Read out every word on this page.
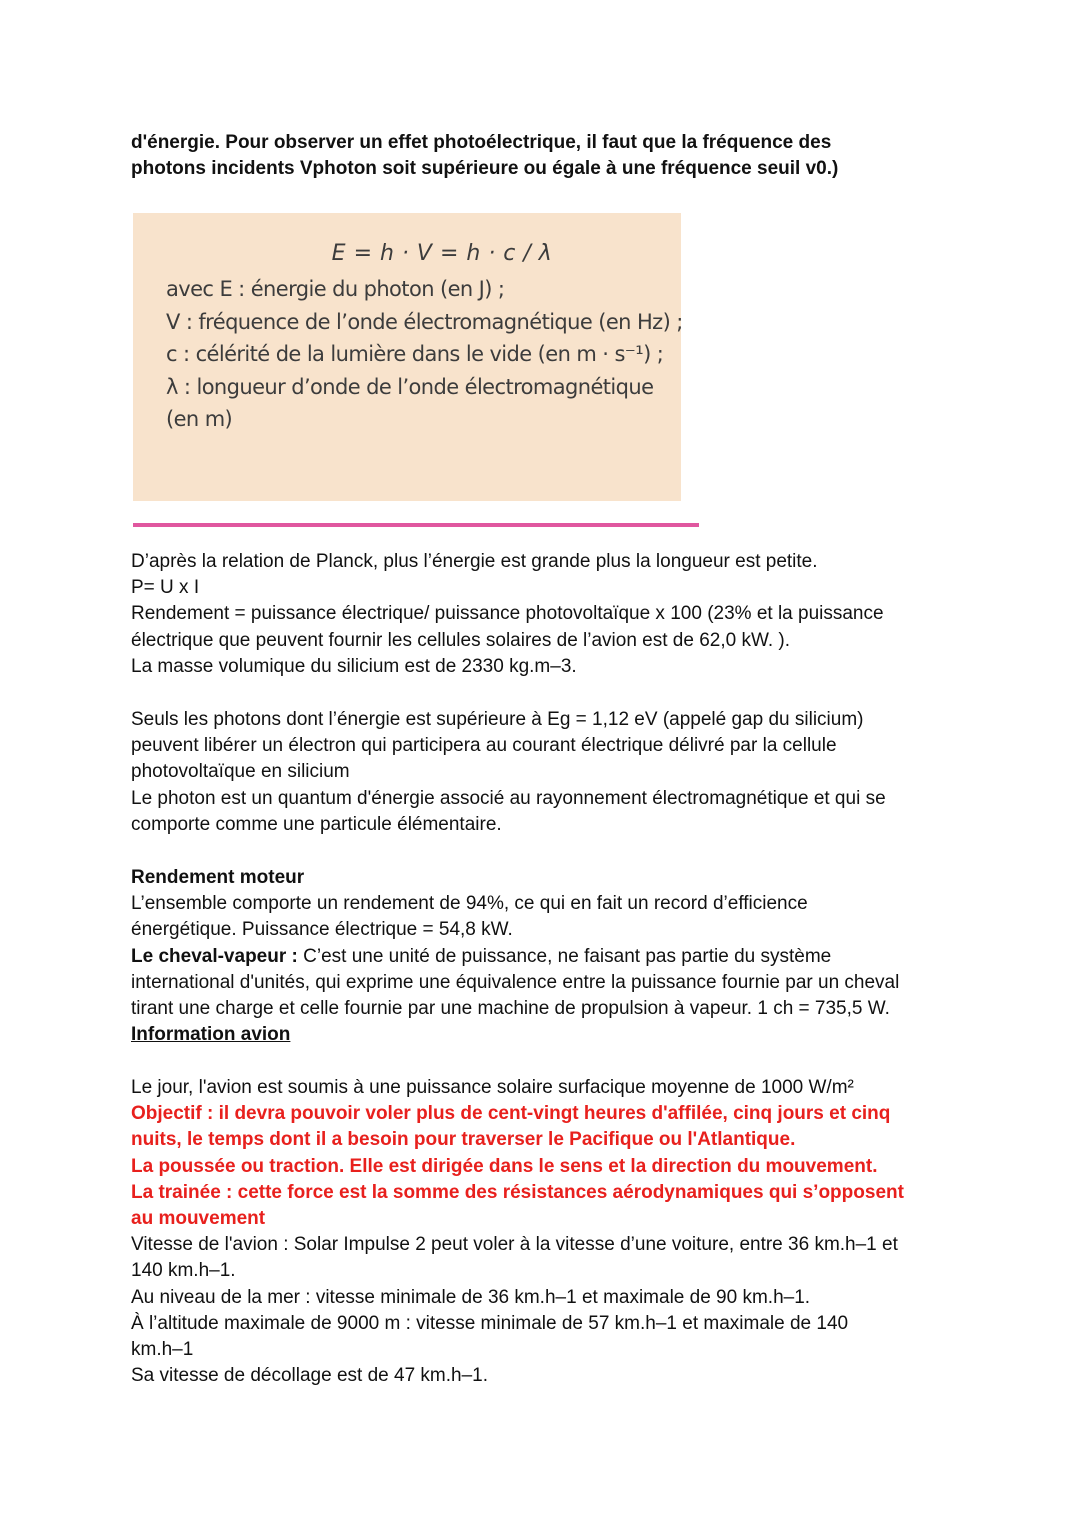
d'énergie. Pour observer un effet photoélectrique, il faut que la fréquence des
photons incidents Vphoton soit supérieure ou égale à une fréquence seuil v0.)

E = h · V = h · c / λ
avec E : énergie du photon (en J) ;
V : fréquence de l’onde électromagnétique (en Hz) ;
c : célérité de la lumière dans le vide (en m · s⁻¹) ;
λ : longueur d’onde de l’onde électromagnétique
(en m)

D’après la relation de Planck, plus l’énergie est grande plus la longueur est petite.
P= U x I
Rendement = puissance électrique/ puissance photovoltaïque x 100 (23% et la puissance
électrique que peuvent fournir les cellules solaires de l’avion est de 62,0 kW. ).
La masse volumique du silicium est de 2330 kg.m–3.

Seuls les photons dont l’énergie est supérieure à Eg = 1,12 eV (appelé gap du silicium)
peuvent libérer un électron qui participera au courant électrique délivré par la cellule
photovoltaïque en silicium
Le photon est un quantum d'énergie associé au rayonnement électromagnétique et qui se
comporte comme une particule élémentaire.

Rendement moteur
L’ensemble comporte un rendement de 94%, ce qui en fait un record d’efficience
énergétique. Puissance électrique = 54,8 kW.
Le cheval-vapeur : C’est une unité de puissance, ne faisant pas partie du système
international d'unités, qui exprime une équivalence entre la puissance fournie par un cheval
tirant une charge et celle fournie par une machine de propulsion à vapeur. 1 ch = 735,5 W.
Information avion
Le jour, l'avion est soumis à une puissance solaire surfacique moyenne de 1000 W/m²
Objectif : il devra pouvoir voler plus de cent-vingt heures d'affilée, cinq jours et cinq
nuits, le temps dont il a besoin pour traverser le Pacifique ou l'Atlantique.
La poussée ou traction. Elle est dirigée dans le sens et la direction du mouvement.
La trainée : cette force est la somme des résistances aérodynamiques qui s’opposent
au mouvement
Vitesse de l'avion : Solar Impulse 2 peut voler à la vitesse d’une voiture, entre 36 km.h–1 et
140 km.h–1.
Au niveau de la mer : vitesse minimale de 36 km.h–1 et maximale de 90 km.h–1.
À l’altitude maximale de 9000 m : vitesse minimale de 57 km.h–1 et maximale de 140
km.h–1
Sa vitesse de décollage est de 47 km.h–1.
